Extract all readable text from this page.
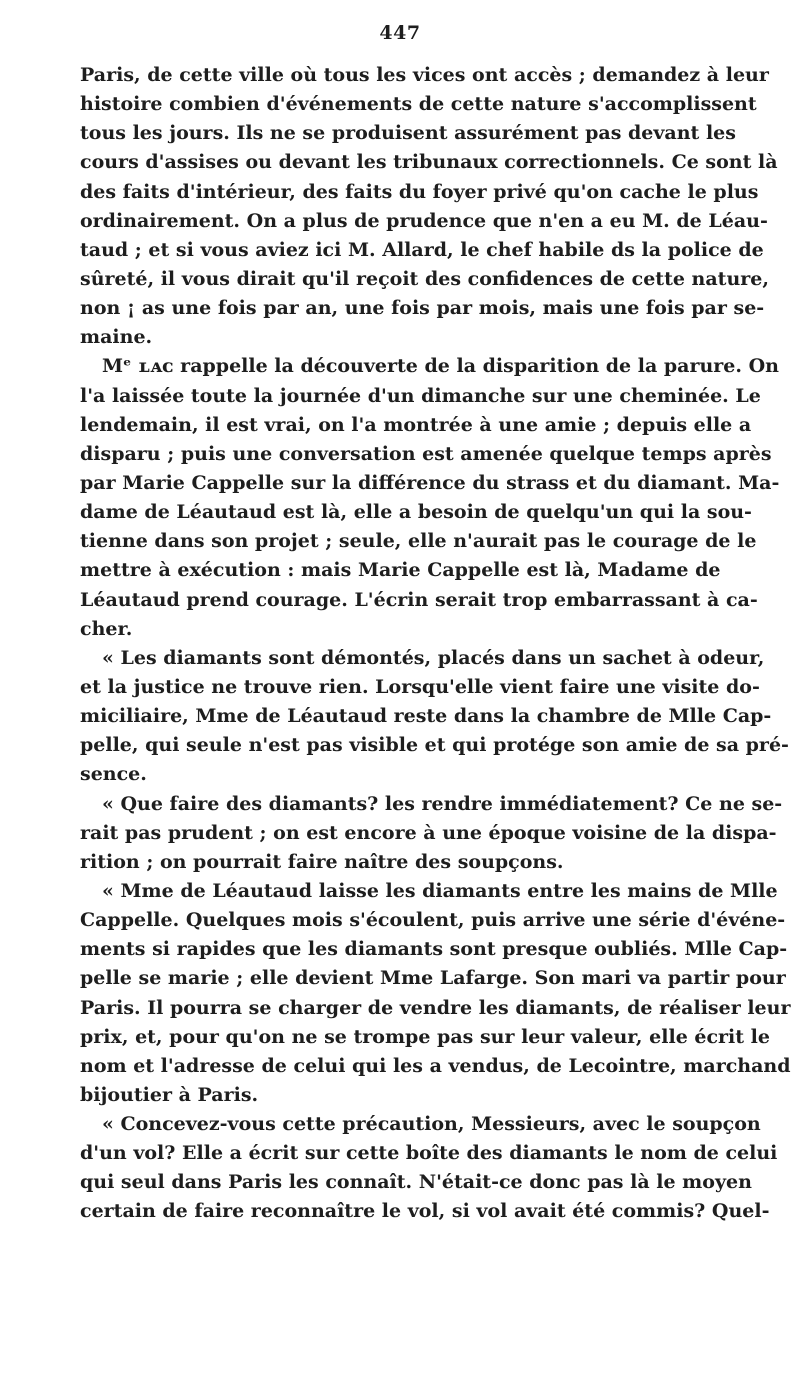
447
Paris, de cette ville où tous les vices ont accès ; demandez à leur
histoire combien d'événements de cette nature s'accomplissent
tous les jours. Ils ne se produisent assurément pas devant les
cours d'assises ou devant les tribunaux correctionnels. Ce sont là
des faits d'intérieur, des faits du foyer privé qu'on cache le plus
ordinairement. On a plus de prudence que n'en a eu M. de Léau-
taud ; et si vous aviez ici M. Allard, le chef habile ds la police de
sûreté, il vous dirait qu'il reçoit des confidences de cette nature,
non ¡ as une fois par an, une fois par mois, mais une fois par se-
maine.
Mᵉ ʟᴀᴄ rappelle la découverte de la disparition de la parure. On
l'a laissée toute la journée d'un dimanche sur une cheminée. Le
lendemain, il est vrai, on l'a montrée à une amie ; depuis elle a
disparu ; puis une conversation est amenée quelque temps après
par Marie Cappelle sur la différence du strass et du diamant. Ma-
dame de Léautaud est là, elle a besoin de quelqu'un qui la sou-
tienne dans son projet ; seule, elle n'aurait pas le courage de le
mettre à exécution : mais Marie Cappelle est là, Madame de
Léautaud prend courage. L'écrin serait trop embarrassant à ca-
cher.
« Les diamants sont démontés, placés dans un sachet à odeur,
et la justice ne trouve rien. Lorsqu'elle vient faire une visite do-
miciliaire, Mme de Léautaud reste dans la chambre de Mlle Cap-
pelle, qui seule n'est pas visible et qui protége son amie de sa pré-
sence.
« Que faire des diamants? les rendre immédiatement? Ce ne se-
rait pas prudent ; on est encore à une époque voisine de la dispa-
rition ; on pourrait faire naître des soupçons.
« Mme de Léautaud laisse les diamants entre les mains de Mlle
Cappelle. Quelques mois s'écoulent, puis arrive une série d'événe-
ments si rapides que les diamants sont presque oubliés. Mlle Cap-
pelle se marie ; elle devient Mme Lafarge. Son mari va partir pour
Paris. Il pourra se charger de vendre les diamants, de réaliser leur
prix, et, pour qu'on ne se trompe pas sur leur valeur, elle écrit le
nom et l'adresse de celui qui les a vendus, de Lecointre, marchand
bijoutier à Paris.
« Concevez-vous cette précaution, Messieurs, avec le soupçon
d'un vol? Elle a écrit sur cette boîte des diamants le nom de celui
qui seul dans Paris les connaît. N'était-ce donc pas là le moyen
certain de faire reconnaître le vol, si vol avait été commis? Quel-
